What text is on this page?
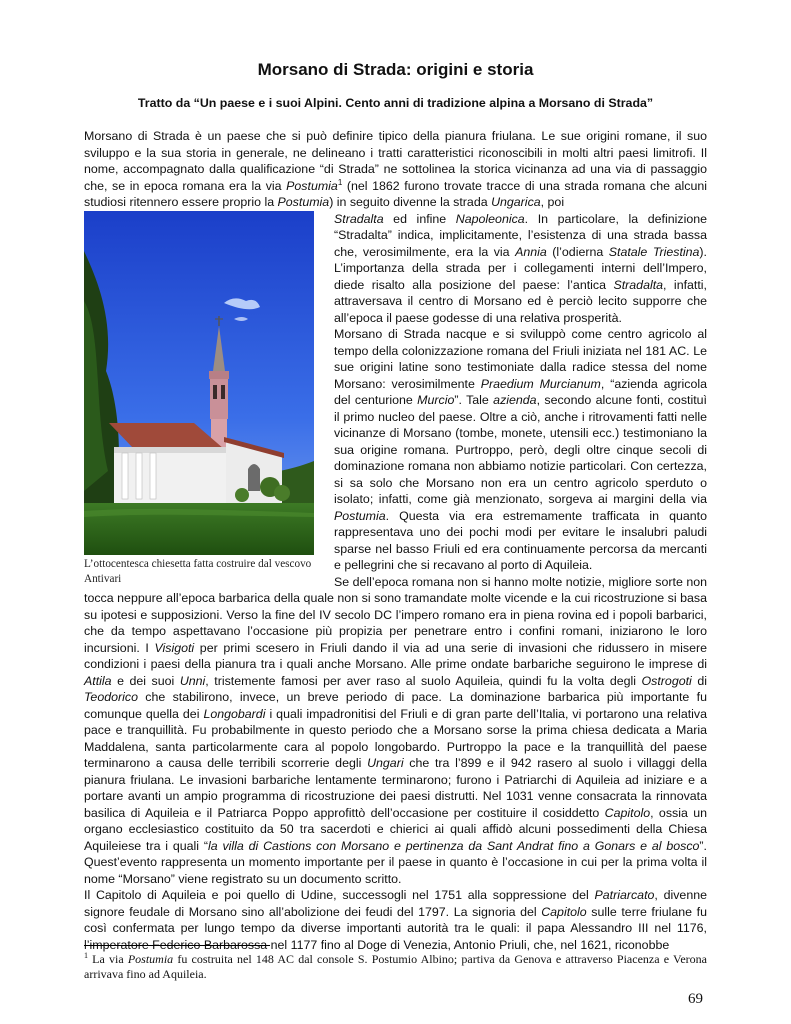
Morsano di Strada: origini e storia
Tratto da “Un paese e i suoi Alpini. Cento anni di tradizione alpina a Morsano di Strada”

Morsano di Strada è un paese che si può definire tipico della pianura friulana. Le sue origini romane, il suo sviluppo e la sua storia in generale, ne delineano i tratti caratteristici riconoscibili in molti altri paesi limitrofi. Il nome, accompagnato dalla qualificazione “di Strada” ne sottolinea la storica vicinanza ad una via di passaggio che, se in epoca romana era la via Postumia$^1$ (nel 1862 furono trovate tracce di una strada romana che alcuni studiosi ritennero essere proprio la Postumia) in seguito divenne la strada Ungarica, poi

L’ottocentesca chiesetta fatta costruire dal vescovo Antivari

Stradalta ed infine Napoleonica. In particolare, la definizione “Stradalta” indica, implicitamente, l’esistenza di una strada bassa che, verosimilmente, era la via Annia (l’odierna Statale Triestina). L’importanza della strada per i collegamenti interni dell’Impero, diede risalto alla posizione del paese: l’antica Stradalta, infatti, attraversava il centro di Morsano ed è perciò lecito supporre che all’epoca il paese godesse di una relativa prosperità.

Morsano di Strada nacque e si sviluppò come centro agricolo al tempo della colonizzazione romana del Friuli iniziata nel 181 AC. Le sue origini latine sono testimoniate dalla radice stessa del nome Morsano: verosimilmente Praedium Murcianum, “azienda agricola del centurione Murcio”. Tale azienda, secondo alcune fonti, costituì il primo nucleo del paese. Oltre a ciò, anche i ritrovamenti fatti nelle vicinanze di Morsano (tombe, monete, utensili ecc.) testimoniano la sua origine romana. Purtroppo, però, degli oltre cinque secoli di dominazione romana non abbiamo notizie particolari. Con certezza, si sa solo che Morsano non era un centro agricolo sperduto o isolato; infatti, come già menzionato, sorgeva ai margini della via Postumia. Questa via era estremamente trafficata in quanto rappresentava uno dei pochi modi per evitare le insalubri paludi sparse nel basso Friuli ed era continuamente percorsa da mercanti e pellegrini che si recavano al porto di Aquileia.

Se dell’epoca romana non si hanno molte notizie, migliore sorte non tocca neppure all’epoca barbarica della quale non si sono tramandate molte vicende e la cui ricostruzione si basa su ipotesi e supposizioni. Verso la fine del IV secolo DC l’impero romano era in piena rovina ed i popoli barbarici, che da tempo aspettavano l’occasione più propizia per penetrare entro i confini romani, iniziarono le loro incursioni. I Visigoti per primi scesero in Friuli dando il via ad una serie di invasioni che ridussero in misere condizioni i paesi della pianura tra i quali anche Morsano. Alle prime ondate barbariche seguirono le imprese di Attila e dei suoi Unni, tristemente famosi per aver raso al suolo Aquileia, quindi fu la volta degli Ostrogoti di Teodorico che stabilirono, invece, un breve periodo di pace. La dominazione barbarica più importante fu comunque quella dei Longobardi i quali impadronitisi del Friuli e di gran parte dell’Italia, vi portarono una relativa pace e tranquillità. Fu probabilmente in questo periodo che a Morsano sorse la prima chiesa dedicata a Maria Maddalena, santa particolarmente cara al popolo longobardo. Purtroppo la pace e la tranquillità del paese terminarono a causa delle terribili scorrerie degli Ungari che tra l’899 e il 942 rasero al suolo i villaggi della pianura friulana. Le invasioni barbariche lentamente terminarono; furono i Patriarchi di Aquileia ad iniziare e a portare avanti un ampio programma di ricostruzione dei paesi distrutti. Nel 1031 venne consacrata la rinnovata basilica di Aquileia e il Patriarca Poppo approfittò dell’occasione per costituire il cosiddetto Capitolo, ossia un organo ecclesiastico costituito da 50 tra sacerdoti e chierici ai quali affidò alcuni possedimenti della Chiesa Aquileiese tra i quali “la villa di Castions con Morsano e pertinenza da Sant Andrat fino a Gonars e al bosco”. Quest’evento rappresenta un momento importante per il paese in quanto è l’occasione in cui per la prima volta il nome “Morsano” viene registrato su un documento scritto.

Il Capitolo di Aquileia e poi quello di Udine, successogli nel 1751 alla soppressione del Patriarcato, divenne signore feudale di Morsano sino all’abolizione dei feudi del 1797. La signoria del Capitolo sulle terre friulane fu così confermata per lungo tempo da diverse importanti autorità tra le quali: il papa Alessandro III nel 1176, l’imperatore Federico Barbarossa nel 1177 fino al Doge di Venezia, Antonio Priuli, che, nel 1621, riconobbe

$^1$ La via Postumia fu costruita nel 148 AC dal console S. Postumio Albino; partiva da Genova e attraverso Piacenza e Verona arrivava fino ad Aquileia.
69
